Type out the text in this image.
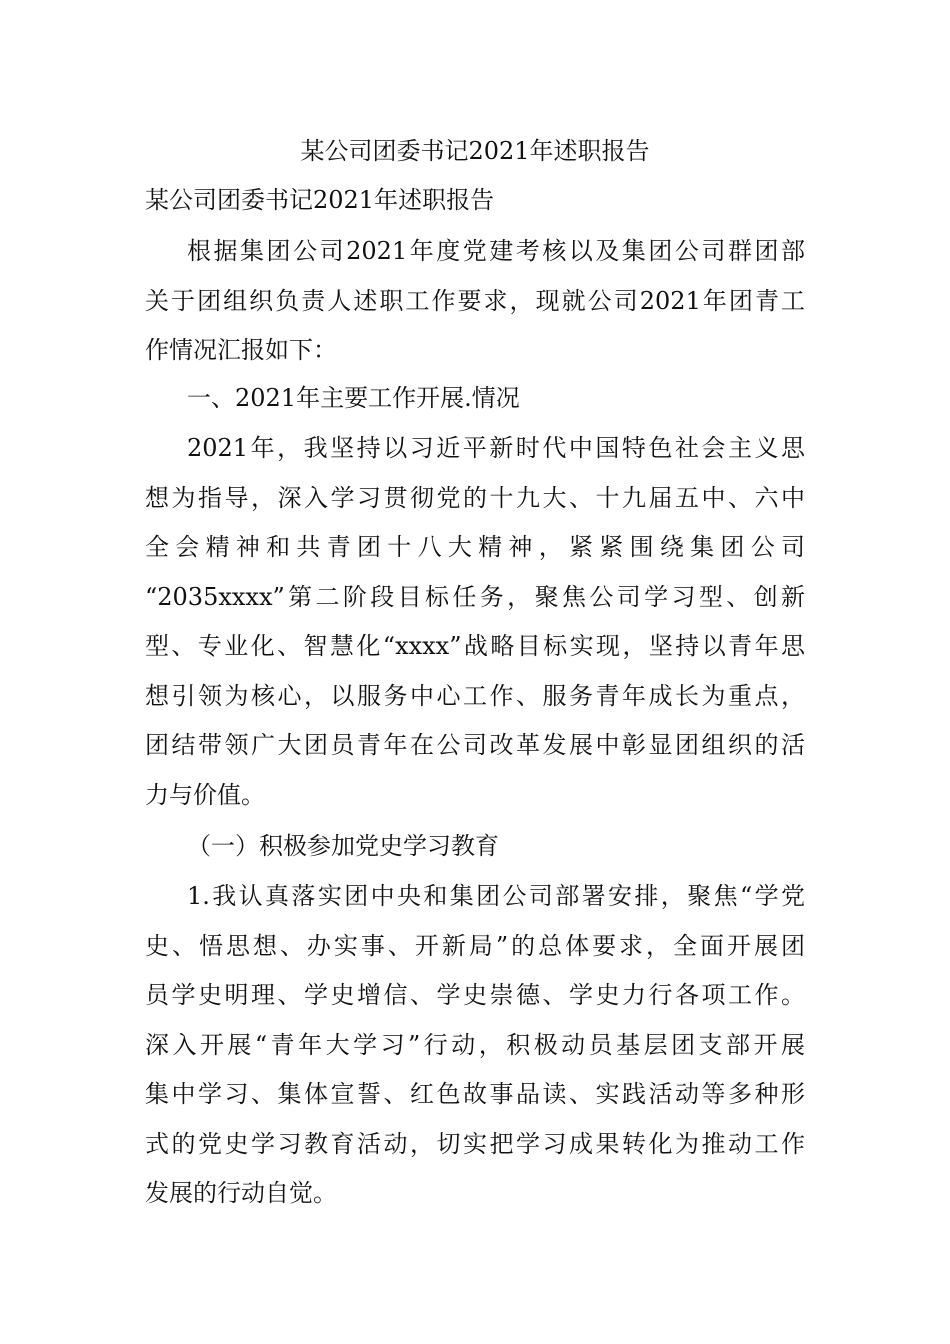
某公司团委书记2021年述职报告
某公司团委书记2021年述职报告
根据集团公司2021年度党建考核以及集团公司群团部
关于团组织负责人述职工作要求，现就公司2021年团青工
作情况汇报如下：
一、2021年主要工作开展.情况
2021年，我坚持以习近平新时代中国特色社会主义思
想为指导，深入学习贯彻党的十九大、十九届五中、六中
全会精神和共青团十八大精神，紧紧围绕集团公司
“2035xxxx”第二阶段目标任务，聚焦公司学习型、创新
型、专业化、智慧化“xxxx”战略目标实现，坚持以青年思
想引领为核心，以服务中心工作、服务青年成长为重点，
团结带领广大团员青年在公司改革发展中彰显团组织的活
力与价值。
（一）积极参加党史学习教育
1.我认真落实团中央和集团公司部署安排，聚焦“学党
史、悟思想、办实事、开新局”的总体要求，全面开展团
员学史明理、学史增信、学史崇德、学史力行各项工作。
深入开展“青年大学习”行动，积极动员基层团支部开展
集中学习、集体宣誓、红色故事品读、实践活动等多种形
式的党史学习教育活动，切实把学习成果转化为推动工作
发展的行动自觉。
